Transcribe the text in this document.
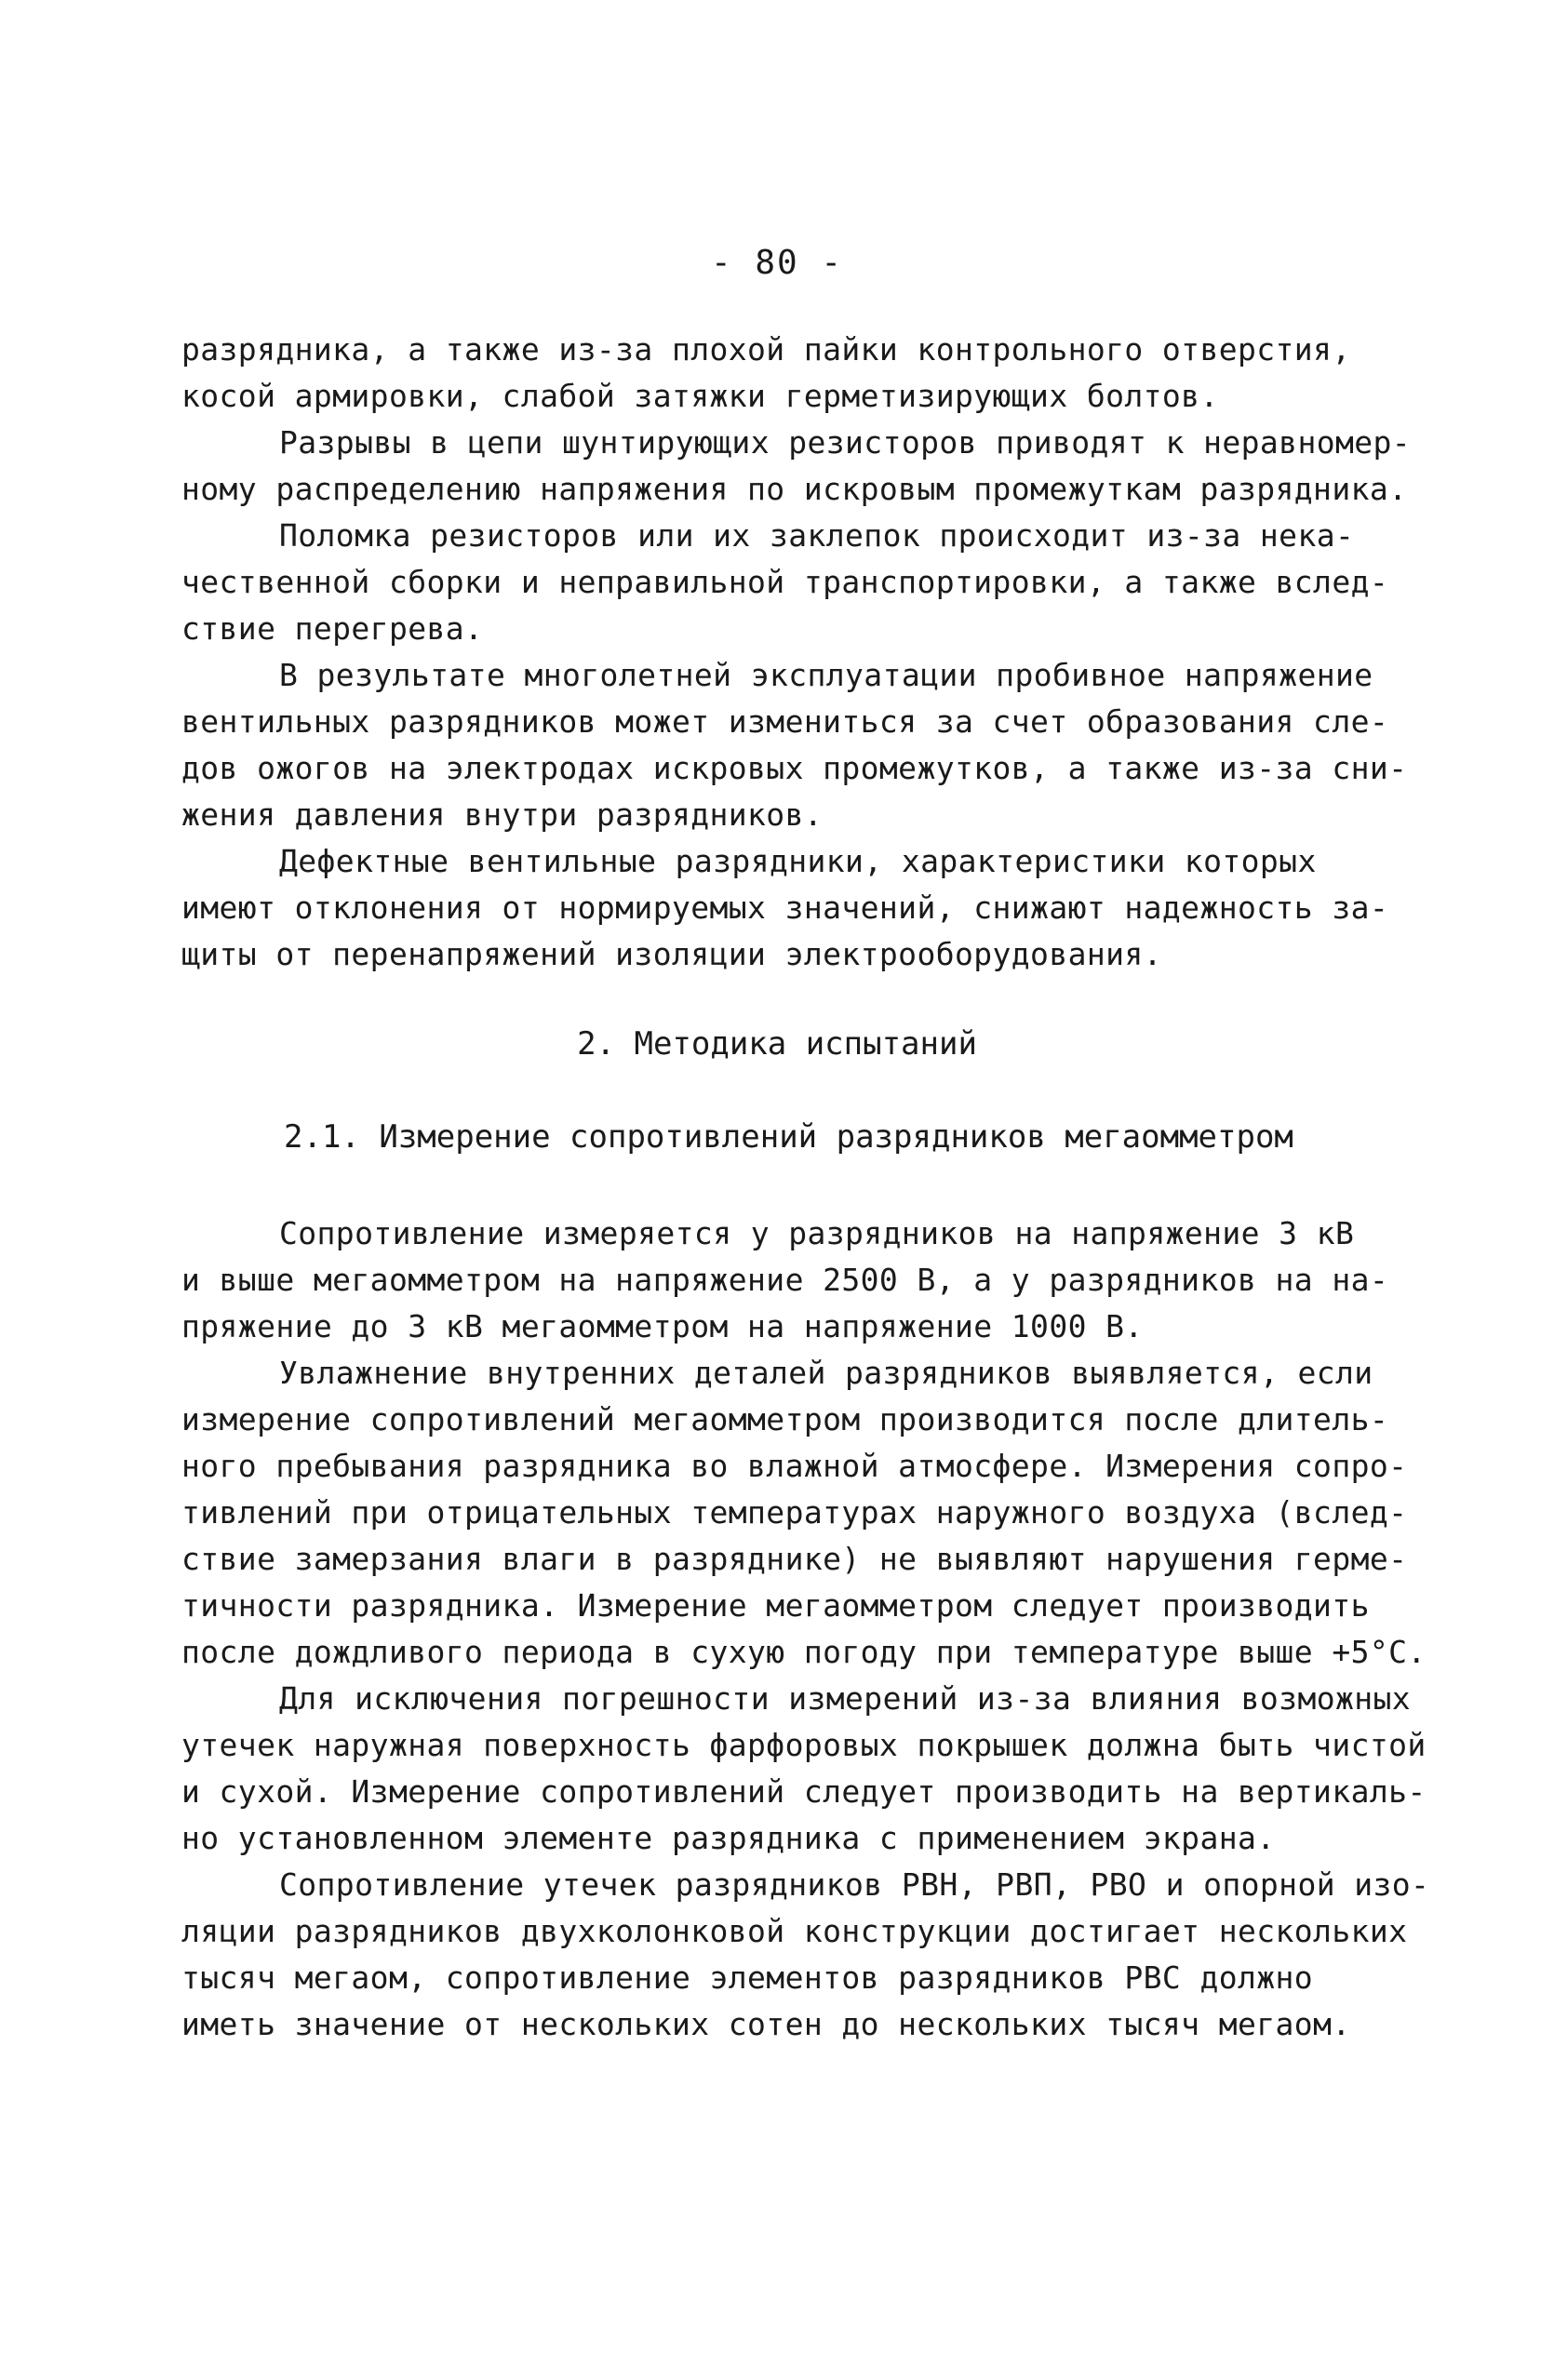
- 80 -
разрядника, а также из-за плохой пайки контрольного отверстия,
косой армировки, слабой затяжки герметизирующих болтов.
Разрывы в цепи шунтирующих резисторов приводят к неравномер-
ному распределению напряжения по искровым промежуткам разрядника.
Поломка резисторов или их заклепок происходит из-за нека-
чественной сборки и неправильной транспортировки, а также вслед-
ствие перегрева.
В результате многолетней эксплуатации пробивное напряжение
вентильных разрядников может измениться за счет образования сле-
дов ожогов на электродах искровых промежутков, а также из-за сни-
жения давления внутри разрядников.
Дефектные вентильные разрядники, характеристики которых
имеют отклонения от нормируемых значений, снижают надежность за-
щиты от перенапряжений изоляции электрооборудования.
2. Методика испытаний
2.1. Измерение сопротивлений разрядников мегаомметром
Сопротивление измеряется у разрядников на напряжение 3 кВ
и выше мегаомметром на напряжение 2500 В, а у разрядников на на-
пряжение до 3 кВ мегаомметром на напряжение 1000 В.
Увлажнение внутренних деталей разрядников выявляется, если
измерение сопротивлений мегаомметром производится после длитель-
ного пребывания разрядника во влажной атмосфере. Измерения сопро-
тивлений при отрицательных температурах наружного воздуха (вслед-
ствие замерзания влаги в разряднике) не выявляют нарушения герме-
тичности разрядника. Измерение мегаомметром следует производить
после дождливого периода в сухую погоду при температуре выше +5°С.
Для исключения погрешности измерений из-за влияния возможных
утечек наружная поверхность фарфоровых покрышек должна быть чистой
и сухой. Измерение сопротивлений следует производить на вертикаль-
но установленном элементе разрядника с применением экрана.
Сопротивление утечек разрядников РВН, РВП, РВО и опорной изо-
ляции разрядников двухколонковой конструкции достигает нескольких
тысяч мегаом, сопротивление элементов разрядников РВС должно
иметь значение от нескольких сотен до нескольких тысяч мегаом.
